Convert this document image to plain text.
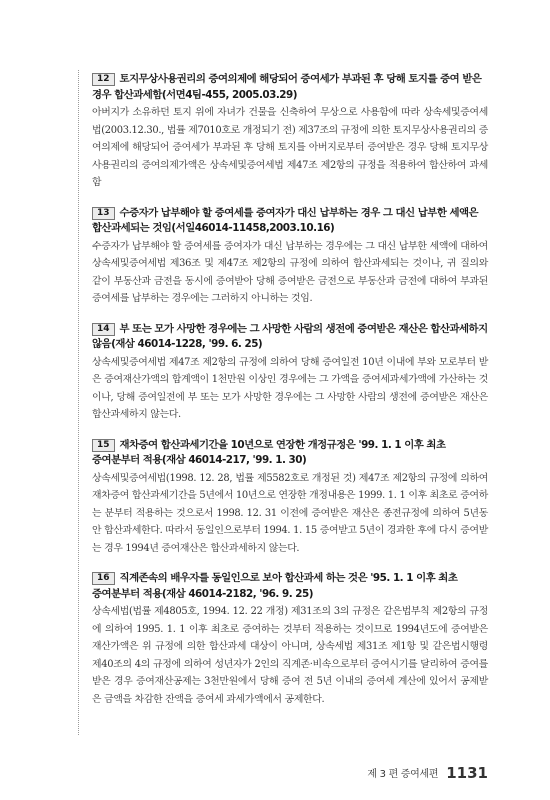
12 토지무상사용권리의 증여의제에 해당되어 증여세가 부과된 후 당해 토지를 증여 받은 경우 합산과세함(서면4팀-455, 2005.03.29)

아버지가 소유하던 토지 위에 자녀가 건물을 신축하여 무상으로 사용함에 따라 상속세및증여세법(2003.12.30., 법률 제7010호로 개정되기 전) 제37조의 규정에 의한 토지무상사용권리의 증여의제에 해당되어 증여세가 부과된 후 당해 토지를 아버지로부터 증여받은 경우 당해 토지무상사용권리의 증여의제가액은 상속세및증여세법 제47조 제2항의 규정을 적용하여 합산하여 과세함

13 수증자가 납부해야 할 증여세를 증여자가 대신 납부하는 경우 그 대신 납부한 세액은 합산과세되는 것임(서일46014-11458,2003.10.16)

수증자가 납부해야 할 증여세를 증여자가 대신 납부하는 경우에는 그 대신 납부한 세액에 대하여 상속세및증여세법 제36조 및 제47조 제2항의 규정에 의하여 합산과세되는 것이나, 귀 질의와 같이 부동산과 금전을 동시에 증여받아 당해 증여받은 금전으로 부동산과 금전에 대하여 부과된 증여세를 납부하는 경우에는 그러하지 아니하는 것임.

14 부 또는 모가 사망한 경우에는 그 사망한 사람의 생전에 증여받은 재산은 합산과세하지 않음(재삼 46014-1228, '99. 6. 25)

상속세및증여세법 제47조 제2항의 규정에 의하여 당해 증여일전 10년 이내에 부와 모로부터 받은 증여재산가액의 합계액이 1천만원 이상인 경우에는 그 가액을 증여세과세가액에 가산하는 것이나, 당해 증여일전에 부 또는 모가 사망한 경우에는 그 사망한 사람의 생전에 증여받은 재산은 합산과세하지 않는다.

15 재차증여 합산과세기간을 10년으로 연장한 개정규정은 '99. 1. 1 이후 최초 증여분부터 적용(재삼 46014-217, '99. 1. 30)

상속세및증여세법(1998. 12. 28, 법률 제5582호로 개정된 것) 제47조 제2항의 규정에 의하여 재차증여 합산과세기간을 5년에서 10년으로 연장한 개정내용은 1999. 1. 1 이후 최초로 증여하는 분부터 적용하는 것으로서 1998. 12. 31 이전에 증여받은 재산은 종전규정에 의하여 5년동안 합산과세한다. 따라서 동일인으로부터 1994. 1. 15 증여받고 5년이 경과한 후에 다시 증여받는 경우 1994년 증여재산은 합산과세하지 않는다.

16 직계존속의 배우자를 동일인으로 보아 합산과세 하는 것은 '95. 1. 1 이후 최초 증여분부터 적용(재삼 46014-2182, '96. 9. 25)

상속세법(법률 제4805호, 1994. 12. 22 개정) 제31조의 3의 규정은 같은법부칙 제2항의 규정에 의하여 1995. 1. 1 이후 최초로 증여하는 것부터 적용하는 것이므로 1994년도에 증여받은 재산가액은 위 규정에 의한 합산과세 대상이 아니며, 상속세법 제31조 제1항 및 같은법시행령 제40조의 4의 규정에 의하여 성년자가 2인의 직계존·비속으로부터 증여시기를 달리하여 증여를 받은 경우 증여재산공제는 3천만원에서 당해 증여 전 5년 이내의 증여세 계산에 있어서 공제받은 금액을 차감한 잔액을 증여세 과세가액에서 공제한다.

제 3 편 증여세편 1131
